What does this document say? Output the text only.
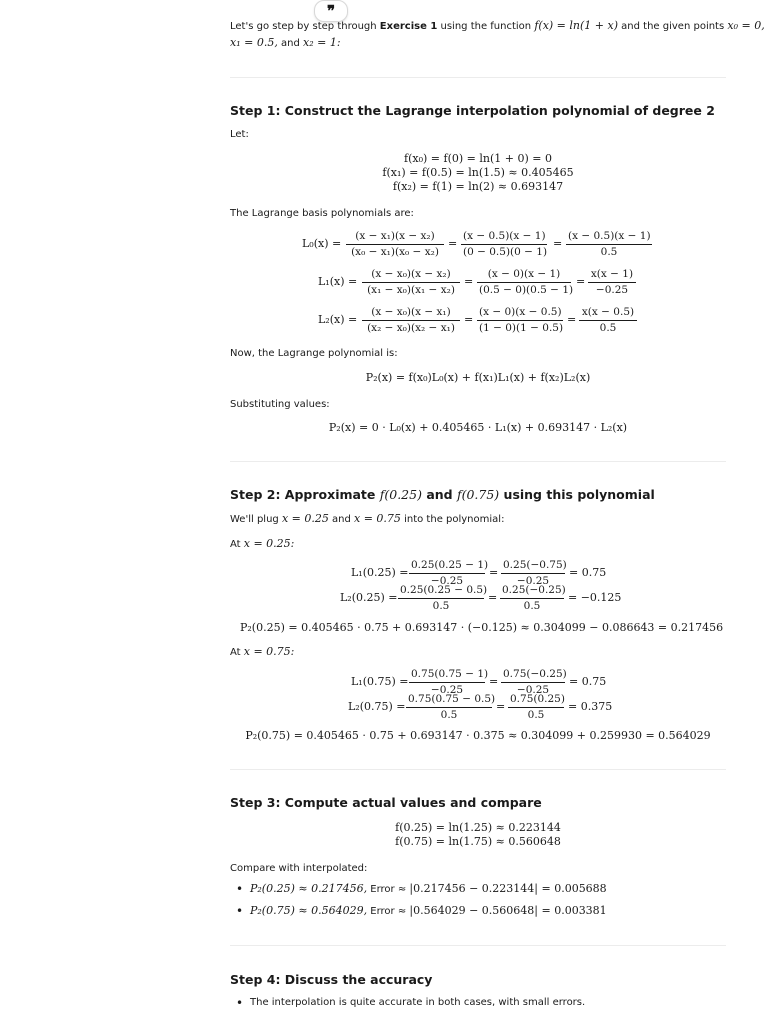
❞
Let's go step by step through Exercise 1 using the function f(x) = ln(1 + x) and the given points x₀ = 0,
x₁ = 0.5, and x₂ = 1:
Step 1: Construct the Lagrange interpolation polynomial of degree 2
Let:
f(x₀) = f(0) = ln(1 + 0) = 0
f(x₁) = f(0.5) = ln(1.5) ≈ 0.405465
f(x₂) = f(1) = ln(2) ≈ 0.693147
The Lagrange basis polynomials are:
$L_0(x) = \frac{\text{(x − x₁)(x − x₂)}}{\text{(x₀ − x₁)(x₀ − x₂)}} = \frac{(x - 0.5)(x - 1)}{(0 - 0.5)(0 - 1)} = \frac{(x - 0.5)(x - 1)}{0.5}$
$L_1(x) = \frac{\text{(x − x₀)(x − x₂)}}{\text{(x₁ − x₀)(x₁ − x₂)}} = \frac{(x - 0)(x - 1)}{(0.5 - 0)(0.5 - 1)} = \frac{x(x - 1)}{-0.25}$
$L_2(x) = \frac{\text{(x − x₀)(x − x₁)}}{\text{(x₂ − x₀)(x₂ − x₁)}} = \frac{(x - 0)(x - 0.5)}{(1 - 0)(1 - 0.5)} = \frac{x(x - 0.5)}{0.5}$
Now, the Lagrange polynomial is:
P₂(x) = f(x₀)L₀(x) + f(x₁)L₁(x) + f(x₂)L₂(x)
Substituting values:
P₂(x) = 0 · L₀(x) + 0.405465 · L₁(x) + 0.693147 · L₂(x)
Step 2: Approximate f(0.25) and f(0.75) using this polynomial
We'll plug x = 0.25 and x = 0.75 into the polynomial:
At x = 0.25:
$L_1(0.25) = \frac{0.25(0.25 - 1)}{-0.25} = \frac{0.25(-0.75)}{-0.25} = 0.75$
$L_2(0.25) = \frac{0.25(0.25 - 0.5)}{0.5} = \frac{0.25(-0.25)}{0.5} = -0.125$
P₂(0.25) = 0.405465 · 0.75 + 0.693147 · (−0.125) ≈ 0.304099 − 0.086643 = 0.217456
At x = 0.75:
$L_1(0.75) = \frac{0.75(0.75 - 1)}{-0.25} = \frac{0.75(-0.25)}{-0.25} = 0.75$
$L_2(0.75) = \frac{0.75(0.75 - 0.5)}{0.5} = \frac{0.75(0.25)}{0.5} = 0.375$
P₂(0.75) = 0.405465 · 0.75 + 0.693147 · 0.375 ≈ 0.304099 + 0.259930 = 0.564029
Step 3: Compute actual values and compare
f(0.25) = ln(1.25) ≈ 0.223144
f(0.75) = ln(1.75) ≈ 0.560648
Compare with interpolated:
• P₂(0.25) ≈ 0.217456, Error ≈ |0.217456 − 0.223144| = 0.005688
• P₂(0.75) ≈ 0.564029, Error ≈ |0.564029 − 0.560648| = 0.003381
Step 4: Discuss the accuracy
• The interpolation is quite accurate in both cases, with small errors.
